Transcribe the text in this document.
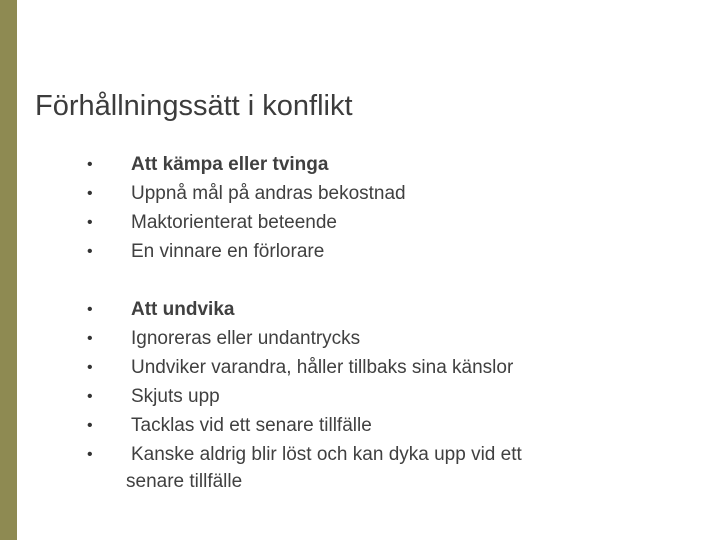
Förhållningssätt i konflikt
• Att kämpa eller tvinga
• Uppnå mål på andras bekostnad
• Maktorienterat beteende
• En vinnare en förlorare
• Att undvika
• Ignoreras eller undantrycks
• Undviker varandra, håller tillbaks sina känslor
• Skjuts upp
• Tacklas vid ett senare tillfälle
• Kanske aldrig blir löst och kan dyka upp vid ett
senare tillfälle
